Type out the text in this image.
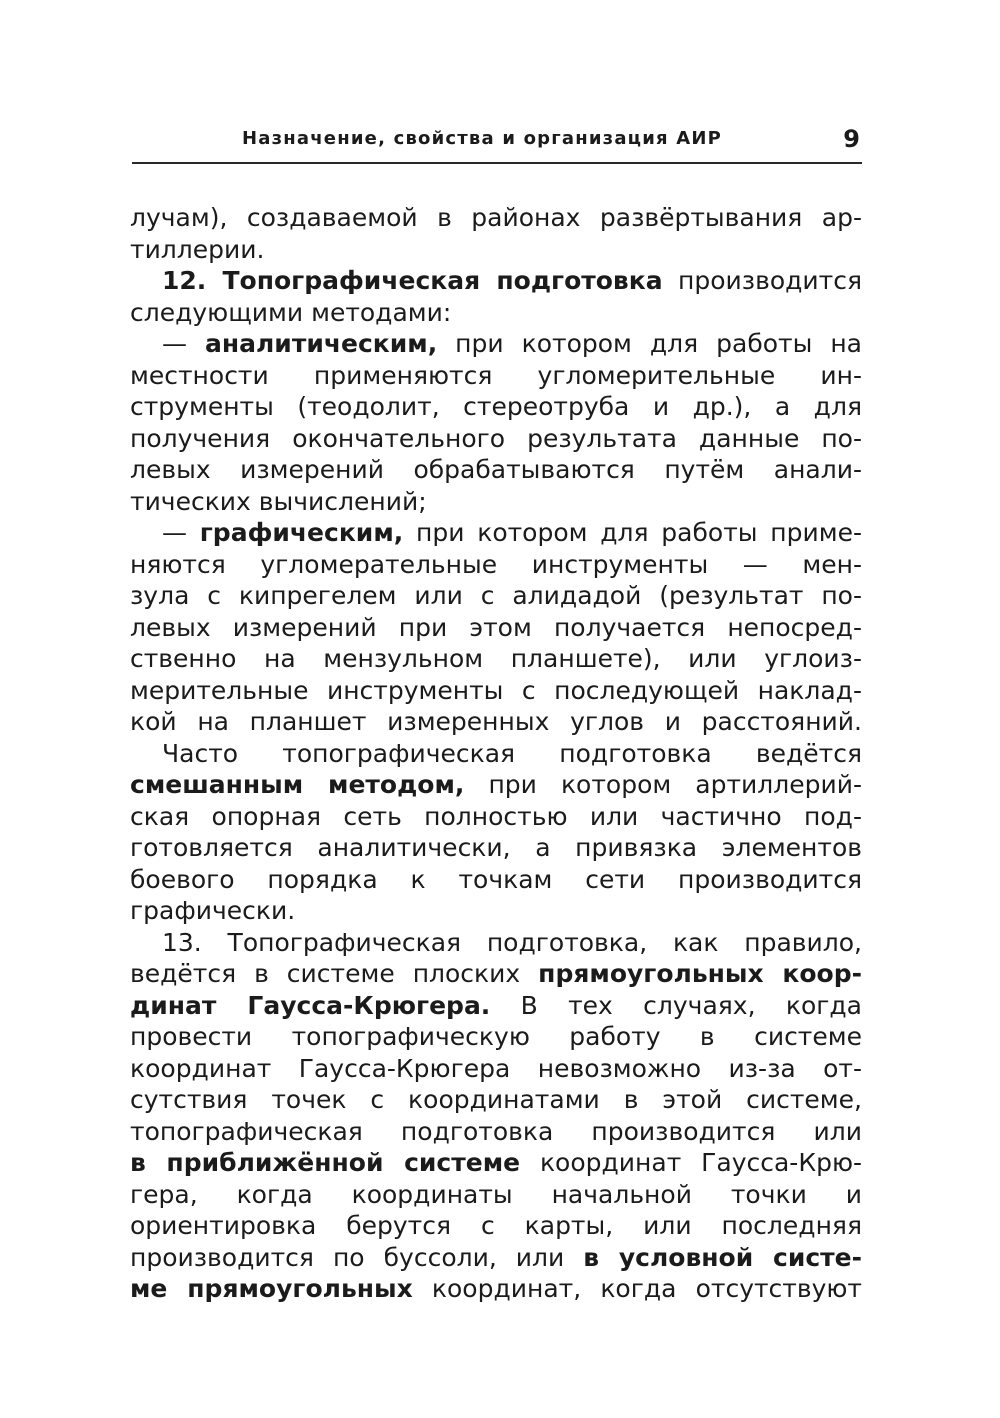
Назначение, свойства и организация АИР	9
лучам), создаваемой в районах развёртывания ар-
тиллерии.
12. Топографическая подготовка производится
следующими методами:
— аналитическим, при котором для работы на
местности применяются угломерительные ин-
струменты (теодолит, стереотруба и др.), а для
получения окончательного результата данные по-
левых измерений обрабатываются путём анали-
тических вычислений;
— графическим, при котором для работы приме-
няются угломерательные инструменты — мен-
зула с кипрегелем или с алидадой (результат по-
левых измерений при этом получается непосред-
ственно на мензульном планшете), или углоиз-
мерительные инструменты с последующей наклад-
кой на планшет измеренных углов и расстояний.
Часто топографическая подготовка ведётся
смешанным методом, при котором артиллерий-
ская опорная сеть полностью или частично под-
готовляется аналитически, а привязка элементов
боевого порядка к точкам сети производится
графически.
13. Топографическая подготовка, как правило,
ведётся в системе плоских прямоугольных коор-
динат Гаусса-Крюгера. В тех случаях, когда
провести топографическую работу в системе
координат Гаусса-Крюгера невозможно из-за от-
сутствия точек с координатами в этой системе,
топографическая подготовка производится или
в приближённой системе координат Гаусса-Крю-
гера, когда координаты начальной точки и
ориентировка берутся с карты, или последняя
производится по буссоли, или в условной систе-
ме прямоугольных координат, когда отсутствуют
